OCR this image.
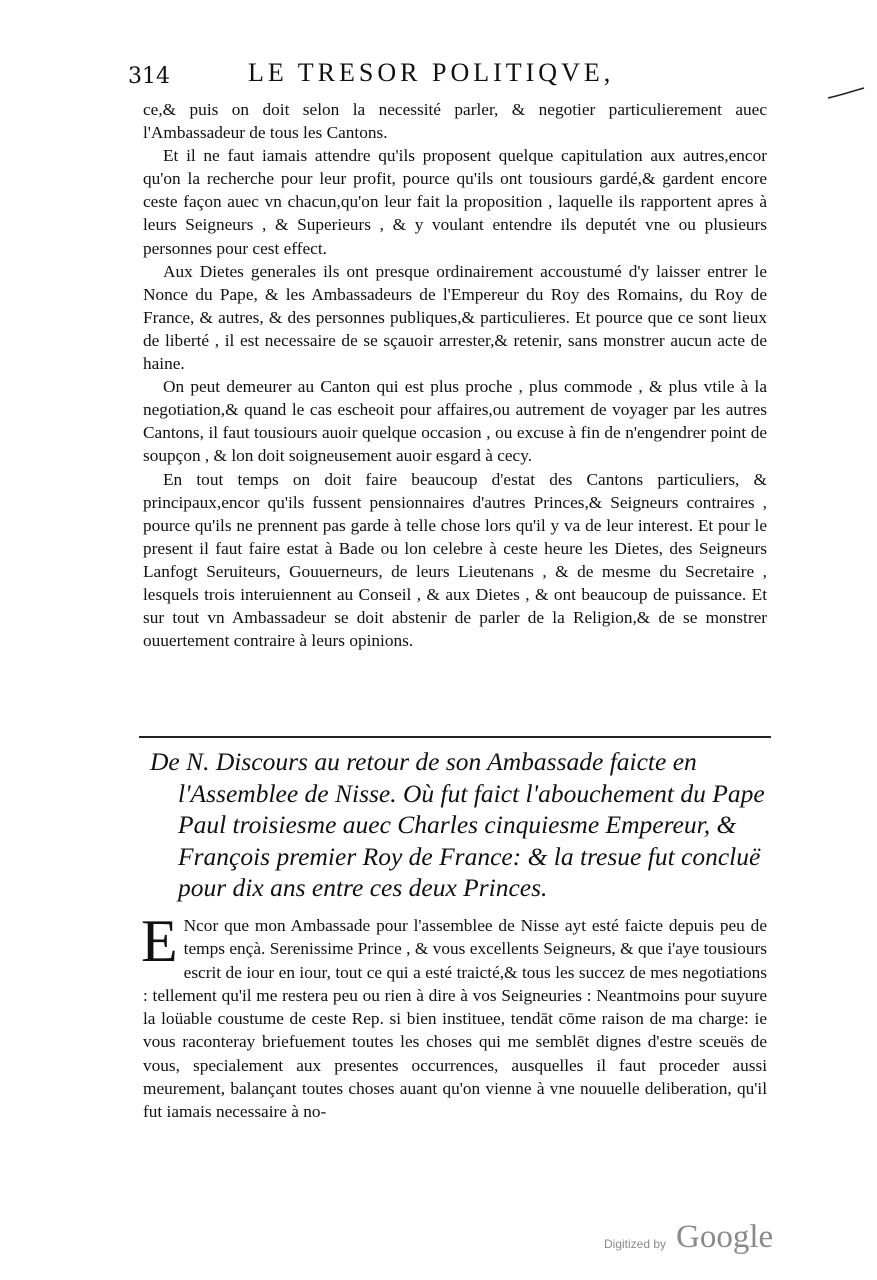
314	LE TRESOR POLITIQVE,

ce,& puis on doit selon la necessité parler, & negotier particulierement auec l'Ambassadeur de tous les Cantons.

Et il ne faut iamais attendre qu'ils proposent quelque capitulation aux autres,encor qu'on la recherche pour leur profit, pource qu'ils ont tousiours gardé,& gardent encore ceste façon auec vn chacun,qu'on leur fait la proposition , laquelle ils rapportent apres à leurs Seigneurs , & Superieurs , & y voulant entendre ils deputét vne ou plusieurs personnes pour cest effect.

Aux Dietes generales ils ont presque ordinairement accoustumé d'y laisser entrer le Nonce du Pape, & les Ambassadeurs de l'Empereur du Roy des Romains, du Roy de France, & autres, & des personnes publiques,& particulieres. Et pource que ce sont lieux de liberté , il est necessaire de se sçauoir arrester,& retenir, sans monstrer aucun acte de haine.

On peut demeurer au Canton qui est plus proche , plus commode , & plus vtile à la negotiation,& quand le cas escheoit pour affaires,ou autrement de voyager par les autres Cantons, il faut tousiours auoir quelque occasion , ou excuse à fin de n'engendrer point de soupçon , & lon doit soigneusement auoir esgard à cecy.

En tout temps on doit faire beaucoup d'estat des Cantons particuliers, & principaux,encor qu'ils fussent pensionnaires d'autres Princes,& Seigneurs contraires , pource qu'ils ne prennent pas garde à telle chose lors qu'il y va de leur interest. Et pour le present il faut faire estat à Bade ou lon celebre à ceste heure les Dietes, des Seigneurs Lanfogt Seruiteurs, Gouuerneurs, de leurs Lieutenans , & de mesme du Secretaire , lesquels trois interuiennent au Conseil , & aux Dietes , & ont beaucoup de puissance. Et sur tout vn Ambassadeur se doit abstenir de parler de la Religion,& de se monstrer ouuertement contraire à leurs opinions.

De N. Discours au retour de son Ambassade faicte en l'Assemblee de Nisse. Où fut faict l'abouchement du Pape Paul troisiesme auec Charles cinquiesme Empereur, & François premier Roy de France: & la tresue fut concluë pour dix ans entre ces deux Princes.

E Ncor que mon Ambassade pour l'assemblee de Nisse ayt esté faicte depuis peu de temps ençà. Serenissime Prince , & vous excellents Seigneurs, & que i'aye tousiours escrit de iour en iour, tout ce qui a esté traicté,& tous les succez de mes negotiations : tellement qu'il me restera peu ou rien à dire à vos Seigneuries : Neantmoins pour suyure la loüable coustume de ceste Rep. si bien instituee, tendāt cōme raison de ma charge: ie vous raconteray briefuement toutes les choses qui me semblēt dignes d'estre sceuës de vous, specialement aux presentes occurrences, ausquelles il faut proceder aussi meurement, balançant toutes choses auant qu'on vienne à vne nouuelle deliberation, qu'il fut iamais necessaire à no-

Digitized by Google
